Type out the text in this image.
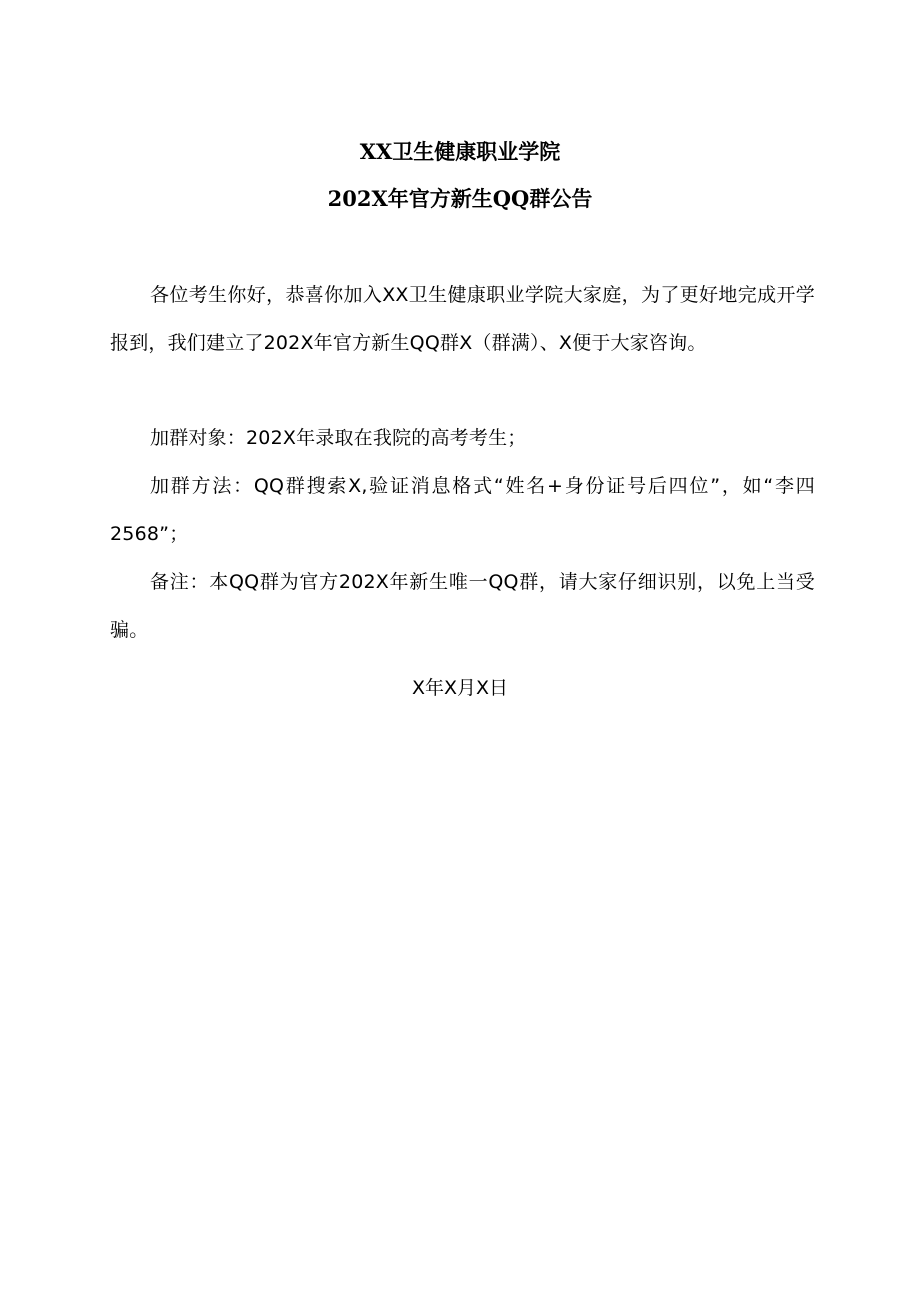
XX卫生健康职业学院
202X年官方新生QQ群公告

各位考生你好，恭喜你加入XX卫生健康职业学院大家庭，为了更好地完成开学报到，我们建立了202X年官方新生QQ群X（群满）、X便于大家咨询。

加群对象：202X年录取在我院的高考考生；

加群方法：QQ群搜索X,验证消息格式“姓名+身份证号后四位”，如“李四2568”；

备注：本QQ群为官方202X年新生唯一QQ群，请大家仔细识别，以免上当受骗。

X年X月X日
